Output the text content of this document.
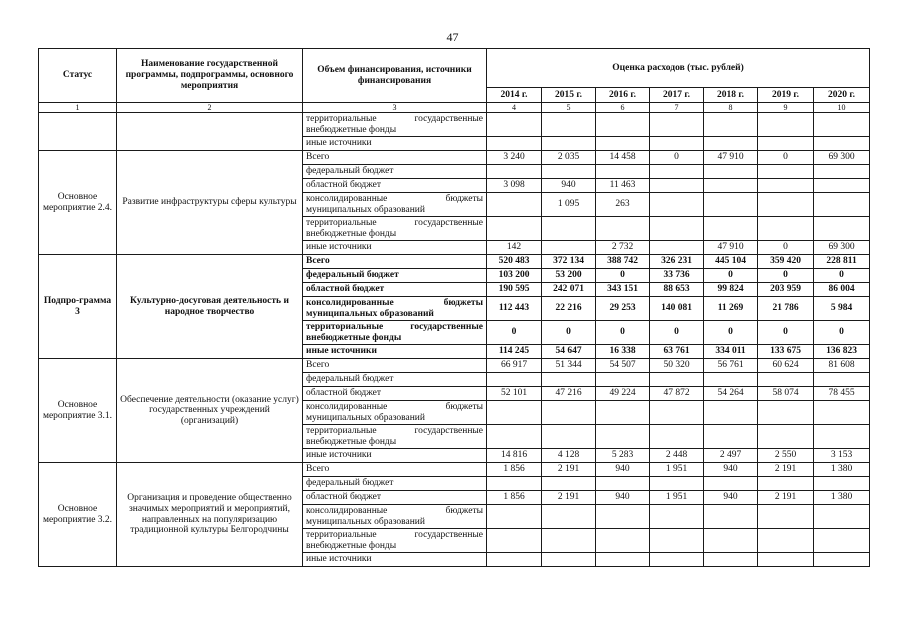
47
Статус	Наименование государственной программы, подпрограммы, основного мероприятия	Объем финансирования, источники финансирования	Оценка расходов (тыс. рублей)						
			2014 г.	2015 г.	2016 г.	2017 г.	2018 г.	2019 г.	2020 г.
1	2	3	4	5	6	7	8	9	10
		территориальные государственные внебюджетные фонды							
		иные источники							
Основное мероприятие 2.4.	Развитие инфраструктуры сферы культуры	Всего	3 240	2 035	14 458	0	47 910	0	69 300
		федеральный бюджет							
		областной бюджет	3 098	940	11 463				
		консолидированные бюджеты муниципальных образований		1 095	263				
		территориальные государственные внебюджетные фонды							
		иные источники	142		2 732		47 910	0	69 300
Подпро-грамма 3	Культурно-досуговая деятельность и народное творчество	Всего	520 483	372 134	388 742	326 231	445 104	359 420	228 811
		федеральный бюджет	103 200	53 200	0	33 736	0	0	0
		областной бюджет	190 595	242 071	343 151	88 653	99 824	203 959	86 004
		консолидированные бюджеты муниципальных образований	112 443	22 216	29 253	140 081	11 269	21 786	5 984
		территориальные государственные внебюджетные фонды	0	0	0	0	0	0	0
		иные источники	114 245	54 647	16 338	63 761	334 011	133 675	136 823
Основное мероприятие 3.1.	Обеспечение деятельности (оказание услуг) государственных учреждений (организаций)	Всего	66 917	51 344	54 507	50 320	56 761	60 624	81 608
		федеральный бюджет							
		областной бюджет	52 101	47 216	49 224	47 872	54 264	58 074	78 455
		консолидированные бюджеты муниципальных образований							
		территориальные государственные внебюджетные фонды							
		иные источники	14 816	4 128	5 283	2 448	2 497	2 550	3 153
Основное мероприятие 3.2.	Организация и проведение общественно значимых мероприятий и мероприятий, направленных на популяризацию традиционной культуры Белгородчины	Всего	1 856	2 191	940	1 951	940	2 191	1 380
		федеральный бюджет							
		областной бюджет	1 856	2 191	940	1 951	940	2 191	1 380
		консолидированные бюджеты муниципальных образований							
		территориальные государственные внебюджетные фонды							
		иные источники							
